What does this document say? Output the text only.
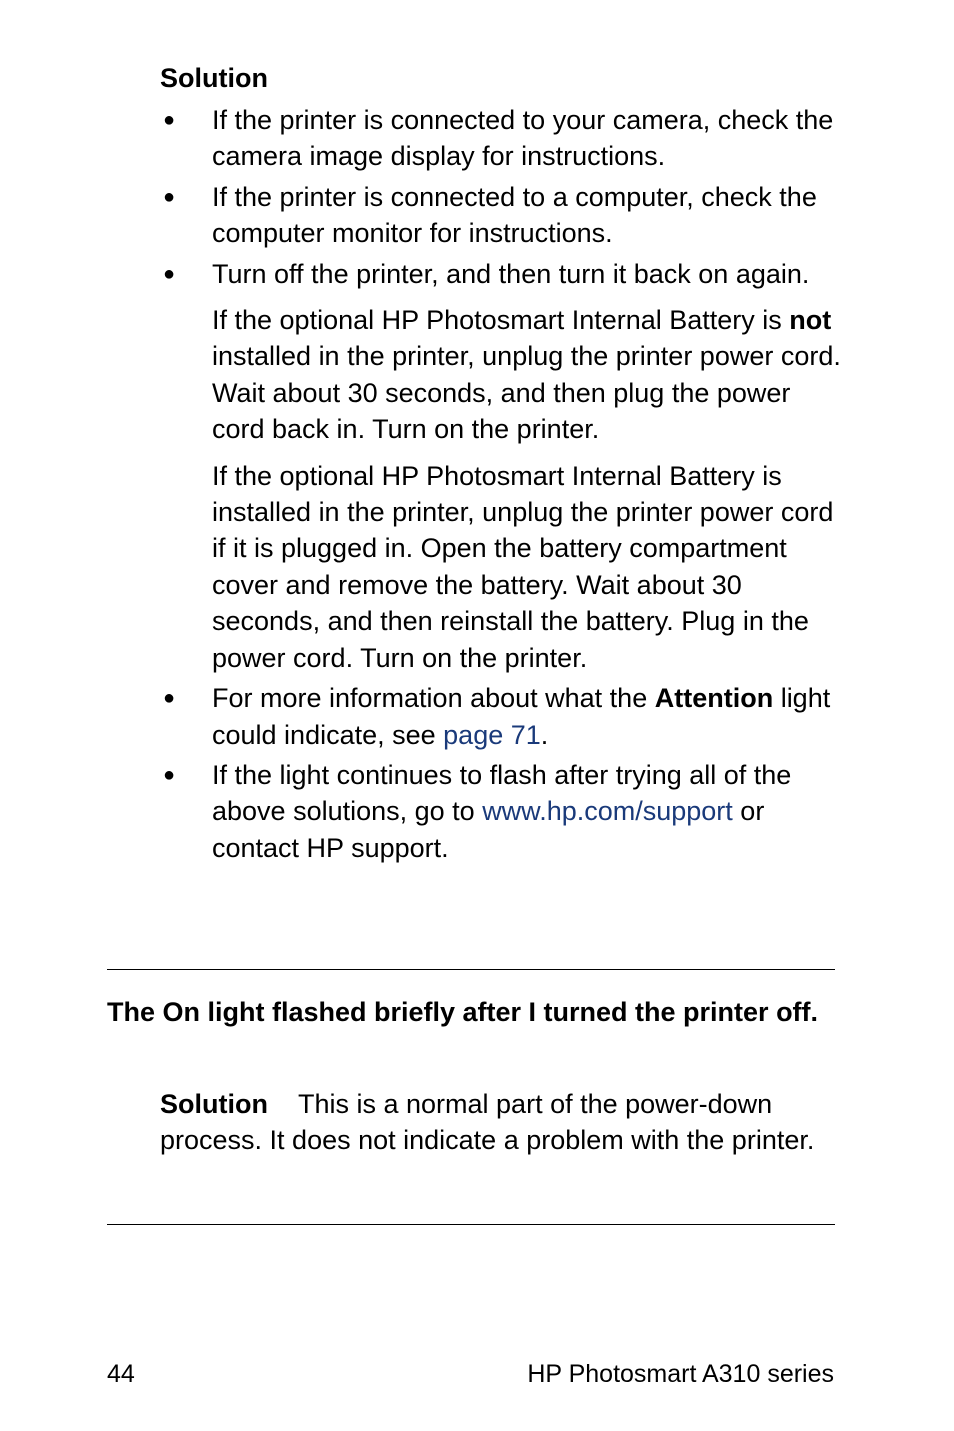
Solution
● If the printer is connected to your camera, check the camera image display for instructions.
● If the printer is connected to a computer, check the computer monitor for instructions.
● Turn off the printer, and then turn it back on again.
If the optional HP Photosmart Internal Battery is not installed in the printer, unplug the printer power cord. Wait about 30 seconds, and then plug the power cord back in. Turn on the printer.
If the optional HP Photosmart Internal Battery is installed in the printer, unplug the printer power cord if it is plugged in. Open the battery compartment cover and remove the battery. Wait about 30 seconds, and then reinstall the battery. Plug in the power cord. Turn on the printer.
● For more information about what the Attention light could indicate, see page 71.
● If the light continues to flash after trying all of the above solutions, go to www.hp.com/support or contact HP support.
The On light flashed briefly after I turned the printer off.

Solution This is a normal part of the power-down process. It does not indicate a problem with the printer.

44	HP Photosmart A310 series
